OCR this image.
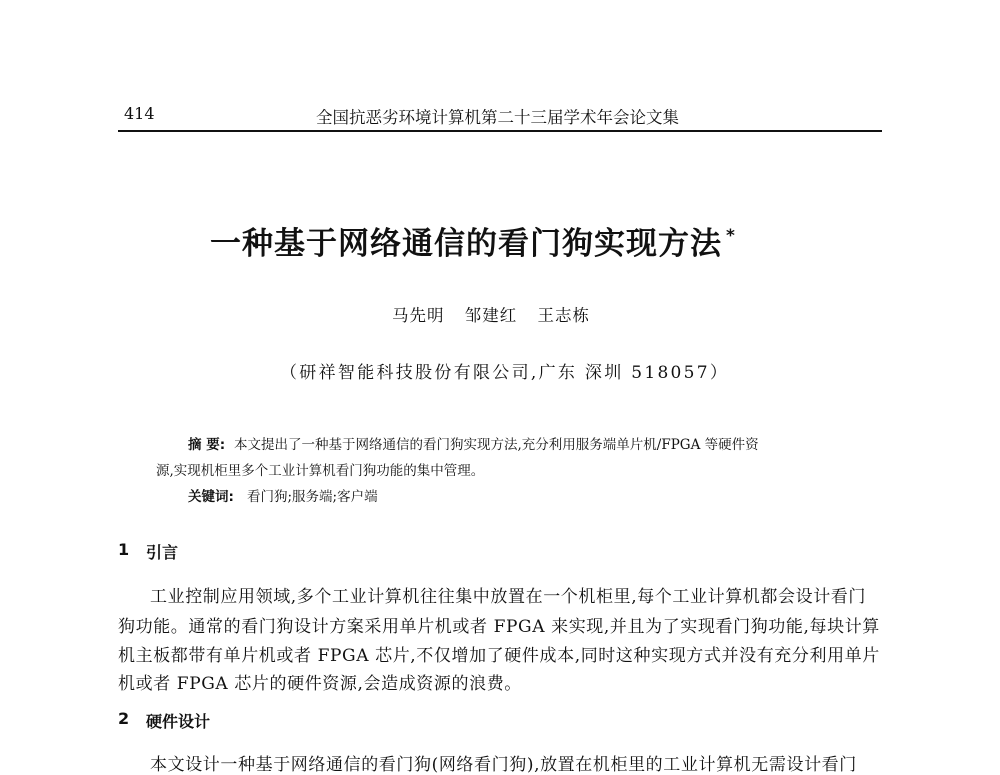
414	全国抗恶劣环境计算机第二十三届学术年会论文集
一种基于网络通信的看门狗实现方法 *
马先明 邹建红 王志栋
（研祥智能科技股份有限公司,广东 深圳 518057）
摘 要: 本文提出了一种基于网络通信的看门狗实现方法,充分利用服务端单片机/FPGA 等硬件资
源,实现机柜里多个工业计算机看门狗功能的集中管理。
关键词: 看门狗;服务端;客户端
1 引言
工业控制应用领域,多个工业计算机往往集中放置在一个机柜里,每个工业计算机都会设计看门
狗功能。通常的看门狗设计方案采用单片机或者 FPGA 来实现,并且为了实现看门狗功能,每块计算
机主板都带有单片机或者 FPGA 芯片,不仅增加了硬件成本,同时这种实现方式并没有充分利用单片
机或者 FPGA 芯片的硬件资源,会造成资源的浪费。
2 硬件设计
本文设计一种基于网络通信的看门狗(网络看门狗),放置在机柜里的工业计算机无需设计看门
